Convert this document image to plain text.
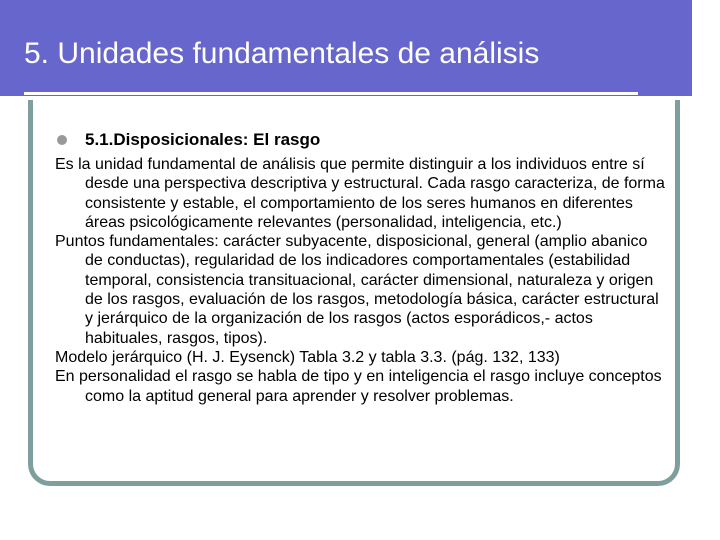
5. Unidades fundamentales de análisis
5.1.Disposicionales: El rasgo

Es la unidad fundamental de análisis que permite distinguir a los individuos entre sí desde una perspectiva descriptiva y estructural. Cada rasgo caracteriza, de forma consistente y estable, el comportamiento de los seres humanos en diferentes áreas psicológicamente relevantes (personalidad, inteligencia, etc.)

Puntos fundamentales: carácter subyacente, disposicional, general (amplio abanico de conductas), regularidad de los indicadores comportamentales (estabilidad temporal, consistencia transituacional, carácter dimensional, naturaleza y origen de los rasgos, evaluación de los rasgos, metodología básica, carácter estructural y jerárquico de la organización de los rasgos (actos esporádicos,- actos habituales, rasgos, tipos).

Modelo jerárquico (H. J. Eysenck) Tabla 3.2 y tabla 3.3. (pág. 132, 133)

En personalidad el rasgo se habla de tipo y en inteligencia el rasgo incluye conceptos como la aptitud general para aprender y resolver problemas.
